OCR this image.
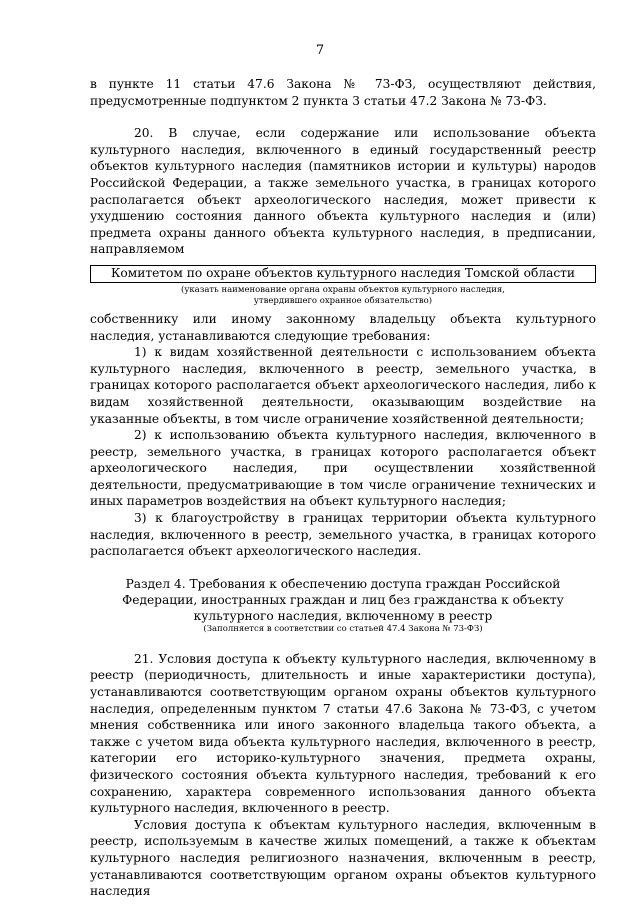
7

в пункте 11 статьи 47.6 Закона № 73-ФЗ, осуществляют действия, предусмотренные подпунктом 2 пункта 3 статьи 47.2 Закона № 73-ФЗ.

20. В случае, если содержание или использование объекта культурного наследия, включенного в единый государственный реестр объектов культурного наследия (памятников истории и культуры) народов Российской Федерации, а также земельного участка, в границах которого располагается объект археологического наследия, может привести к ухудшению состояния данного объекта культурного наследия и (или) предмета охраны данного объекта культурного наследия, в предписании, направляемом

Комитетом по охране объектов культурного наследия Томской области
(указать наименование органа охраны объектов культурного наследия,
утвердившего охранное обязательство)

собственнику или иному законному владельцу объекта культурного наследия, устанавливаются следующие требования:

1) к видам хозяйственной деятельности с использованием объекта культурного наследия, включенного в реестр, земельного участка, в границах которого располагается объект археологического наследия, либо к видам хозяйственной деятельности, оказывающим воздействие на указанные объекты, в том числе ограничение хозяйственной деятельности;

2) к использованию объекта культурного наследия, включенного в реестр, земельного участка, в границах которого располагается объект археологического наследия, при осуществлении хозяйственной деятельности, предусматривающие в том числе ограничение технических и иных параметров воздействия на объект культурного наследия;

3) к благоустройству в границах территории объекта культурного наследия, включенного в реестр, земельного участка, в границах которого располагается объект археологического наследия.

Раздел 4. Требования к обеспечению доступа граждан Российской
Федерации, иностранных граждан и лиц без гражданства к объекту
культурного наследия, включенному в реестр
(Заполняется в соответствии со статьей 47.4 Закона № 73-ФЗ)

21. Условия доступа к объекту культурного наследия, включенному в реестр (периодичность, длительность и иные характеристики доступа), устанавливаются соответствующим органом охраны объектов культурного наследия, определенным пунктом 7 статьи 47.6 Закона № 73-ФЗ, с учетом мнения собственника или иного законного владельца такого объекта, а также с учетом вида объекта культурного наследия, включенного в реестр, категории его историко-культурного значения, предмета охраны, физического состояния объекта культурного наследия, требований к его сохранению, характера современного использования данного объекта культурного наследия, включенного в реестр.

Условия доступа к объектам культурного наследия, включенным в реестр, используемым в качестве жилых помещений, а также к объектам культурного наследия религиозного назначения, включенным в реестр, устанавливаются соответствующим органом охраны объектов культурного наследия
